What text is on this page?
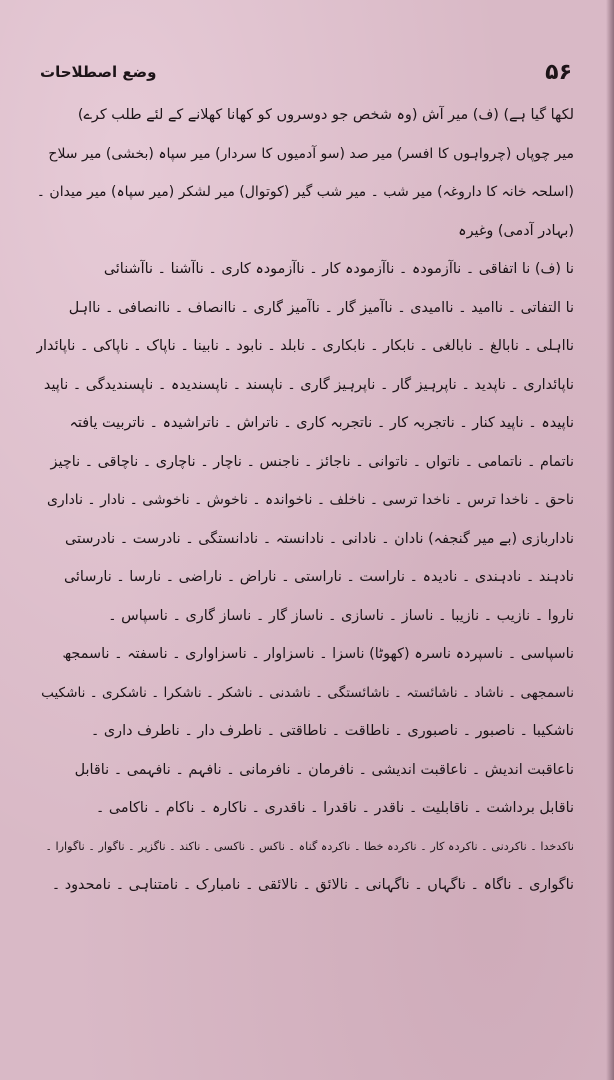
۵۶
وضع اصطلاحات
لکھا گیا ہے) (ف) میر آش (وہ شخص جو دوسروں کو کھانا کھلانے کے لئے طلب کرے)
میر چوپاں (چرواہوں کا افسر) میر صد (سو آدمیوں کا سردار) میر سپاہ (بخشی) میر سلاح
(اسلحہ خانہ کا داروغہ) میر شب ۔ میر شب گیر (کوتوال) میر لشکر (میر سپاہ) میر میدان ۔
(بہادر آدمی) وغیرہ
نا (ف) نا اتفاقی ۔ ناآزمودہ ۔ ناآزمودہ کار ۔ ناآزمودہ کاری ۔ ناآشنا ۔ ناآشنائی
نا التفاتی ۔ ناامید ۔ ناامیدی ۔ ناآمیز گار ۔ ناآمیز گاری ۔ ناانصاف ۔ ناانصافی ۔ نااہل
نااہلی ۔ نابالغ ۔ نابالغی ۔ نابکار ۔ نابکاری ۔ نابلد ۔ نابود ۔ نابینا ۔ ناپاک ۔ ناپاکی ۔ ناپائدار
ناپائداری ۔ ناپدید ۔ ناپرہیز گار ۔ ناپرہیز گاری ۔ ناپسند ۔ ناپسندیدہ ۔ ناپسندیدگی ۔ ناپید
ناپیدہ ۔ ناپید کنار ۔ ناتجربہ کار ۔ ناتجربہ کاری ۔ ناتراش ۔ ناتراشیدہ ۔ ناتربیت یافتہ
ناتمام ۔ ناتمامی ۔ ناتواں ۔ ناتوانی ۔ ناجائز ۔ ناجنس ۔ ناچار ۔ ناچاری ۔ ناچاقی ۔ ناچیز
ناحق ۔ ناخدا ترس ۔ ناخدا ترسی ۔ ناخلف ۔ ناخواندہ ۔ ناخوش ۔ ناخوشی ۔ نادار ۔ ناداری
ناداربازی (بے میر گنجفہ) نادان ۔ نادانی ۔ نادانستہ ۔ نادانستگی ۔ نادرست ۔ نادرستی
نادہند ۔ نادہندی ۔ نادیدہ ۔ ناراست ۔ ناراستی ۔ ناراض ۔ ناراضی ۔ نارسا ۔ نارسائی
ناروا ۔ نازیب ۔ نازیبا ۔ ناساز ۔ ناسازی ۔ ناساز گار ۔ ناساز گاری ۔ ناسپاس ۔
ناسپاسی ۔ ناسپردہ ناسرہ (کھوٹا) ناسزا ۔ ناسزاوار ۔ ناسزاواری ۔ ناسفتہ ۔ ناسمجھ
ناسمجھی ۔ ناشاد ۔ ناشائستہ ۔ ناشائستگی ۔ ناشدنی ۔ ناشکر ۔ ناشکرا ۔ ناشکری ۔ ناشکیب
ناشکیبا ۔ ناصبور ۔ ناصبوری ۔ ناطاقت ۔ ناطاقتی ۔ ناطرف دار ۔ ناطرف داری ۔
ناعاقبت اندیش ۔ ناعاقبت اندیشی ۔ نافرمان ۔ نافرمانی ۔ نافہم ۔ نافہمی ۔ ناقابل
ناقابل برداشت ۔ ناقابلیت ۔ ناقدر ۔ ناقدرا ۔ ناقدری ۔ ناکارہ ۔ ناکام ۔ ناکامی ۔
ناکدخدا ۔ ناکردنی ۔ ناکردہ کار ۔ ناکردہ خطا ۔ ناکردہ گناہ ۔ ناکس ۔ ناکسی ۔ ناکند ۔ ناگزیر ۔ ناگوار ۔ ناگوارا ۔
ناگواری ۔ ناگاہ ۔ ناگہاں ۔ ناگہانی ۔ نالائق ۔ نالائقی ۔ نامبارک ۔ نامتناہی ۔ نامحدود ۔
